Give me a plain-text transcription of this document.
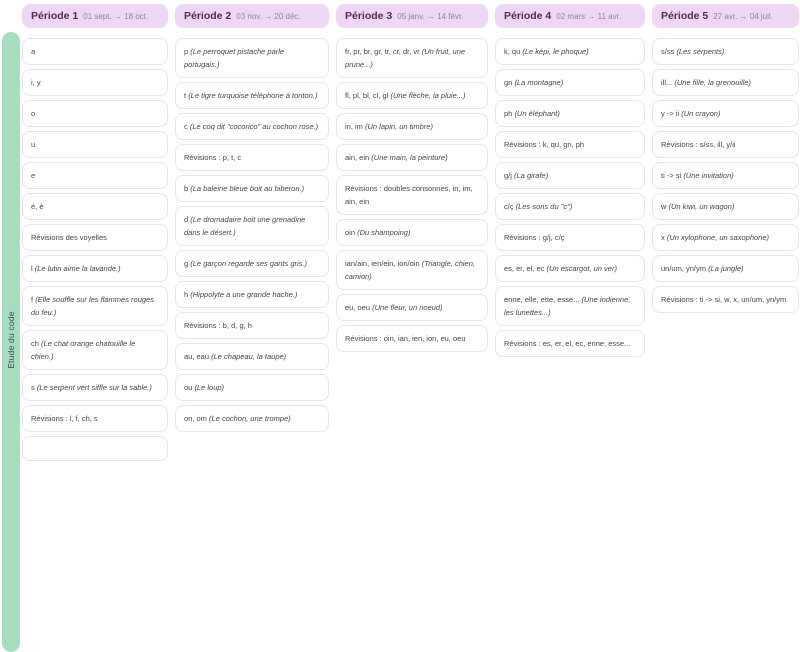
Etude du code
Période 1 01 sept. → 18 oct.
a
i, y
o
u
e
é, è
Révisions des voyelles
l (Le lutin aime la lavande.)
f (Elle souffle sur les flammes rouges du feu.)
ch (Le chat orange chatouille le chien.)
s (Le serpent vert siffle sur la sable.)
Révisions : l, f, ch, s
Période 2 03 nov. → 20 déc.
p (Le perroquet pistache parle portugais.)
t (Le tigre turquoise téléphone à tonton.)
c (Le coq dit "cocorico" au cochon rose.)
Révisions : p, t, c
b (La baleine bleue boit au biberon.)
d (Le dromadaire boit une grenadine dans le désert.)
g (Le garçon regarde ses gants gris.)
h (Hippolyte a une grande hache.)
Révisions : b, d, g, h
au, eau (Le chapeau, la taupe)
ou (Le loup)
on, om (Le cochon, une trompe)
Période 3 05 janv. → 14 févr.
fr, pr, br, gr, tr, cr, dr, vr (Un fruit, une prune...)
fl, pl, bl, cl, gl (Une flèche, la pluie...)
in, im (Un lapin, un timbre)
ain, ein (Une main, la peinture)
Révisions : doubles consonnes, in, im, ain, ein
oin (Du shampoing)
ian/ain, ien/ein, ion/oin (Triangle, chien, camion)
eu, oeu (Une fleur, un noeud)
Révisions : oin, ian, ien, ion, eu, oeu
Période 4 02 mars → 11 avr.
k, qu (Le képi, le phoque)
gn (La montagne)
ph (Un éléphant)
Révisions : k, qu, gn, ph
g/j (La girafe)
c/ç (Les sons du "c")
Révisions : g/j, c/ç
es, er, el, ec (Un escargot, un ver)
enne, elle, ette, esse... (Une indienne, les lunettes...)
Révisions : es, er, el, ec, enne, esse...
Période 5 27 avr. → 04 juil.
s/ss (Les serpents)
ill... (Une fille, la grenouille)
y -> ii (Un crayon)
Révisions : s/ss, ill, y/ii
ti -> si (Une invitation)
w (Un kiwi, un wagon)
x (Un xylophone, un saxophone)
un/um, yn/ym (La jungle)
Révisions : ti -> si, w, x, un/um, yn/ym
